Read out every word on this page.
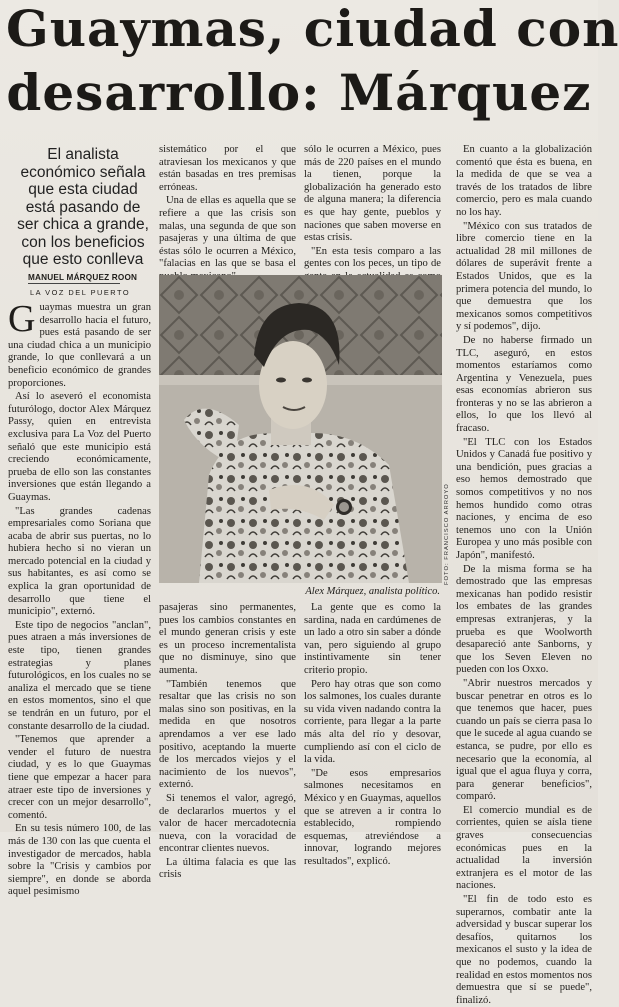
Guaymas, ciudad con
desarrollo: Márquez
El analista económico señala que esta ciudad está pasando de ser chica a grande, con los beneficios que esto conlleva
MANUEL MÁRQUEZ ROON
LA VOZ DEL PUERTO

Guaymas muestra un gran desarrollo hacia el futuro, pues está pasando de ser una ciudad chica a un municipio grande, lo que conllevará a un beneficio económico de grandes proporciones.

Así lo aseveró el economista futurólogo, doctor Alex Márquez Passy, quien en entrevista exclusiva para La Voz del Puerto señaló que este municipio está creciendo económicamente, prueba de ello son las constantes inversiones que están llegando a Guaymas.

"Las grandes cadenas empresariales como Soriana que acaba de abrir sus puertas, no lo hubiera hecho si no vieran un mercado potencial en la ciudad y sus habitantes, es así como se explica la gran oportunidad de desarrollo que tiene el municipio", externó.

Este tipo de negocios "anclan", pues atraen a más inversiones de este tipo, tienen grandes estrategias y planes futurológicos, en los cuales no se analiza el mercado que se tiene en estos momentos, sino el que se tendrán en un futuro, por el constante desarrollo de la ciudad.

"Tenemos que aprender a vender el futuro de nuestra ciudad, y es lo que Guaymas tiene que empezar a hacer para atraer este tipo de inversiones y crecer con un mejor desarrollo", comentó.

En su tesis número 100, de las más de 130 con las que cuenta el investigador de mercados, habla sobre la "Crisis y cambios por siempre", en donde se aborda aquel pesimismo

sistemático por el que atraviesan los mexicanos y que están basadas en tres premisas erróneas.

Una de ellas es aquella que se refiere a que las crisis son malas, una segunda de que son pasajeras y una última de que éstas sólo le ocurren a México, "falacias en las que se basa el

sólo le ocurren a México, pues más de 220 países en el mundo la tienen, porque la globalización ha generado esto de alguna manera; la diferencia es que hay gente, pueblos y naciones que saben moverse en estas crisis.

"En esta tesis comparo a las gentes con los peces, un tipo de

FOTO: FRANCISCO ARROYO
Alex Márquez, analista político.

pasajeras sino permanentes, pues los cambios constantes en el mundo generan crisis y este es un proceso incrementalista que no disminuye, sino que aumenta.

"También tenemos que resaltar que las crisis no son malas sino son positivas, en la medida en que nosotros aprendamos a ver ese lado positivo, aceptando la muerte de los mercados viejos y el nacimiento de los nuevos", externó.

Si tenemos el valor, agregó, de declararlos muertos y el valor de hacer mercadotecnia nueva, con la voracidad de encontrar clientes nuevos.

La última falacia es que las crisis

La gente que es como la sardina, nada en cardúmenes de un lado a otro sin saber a dónde van, pero siguiendo al grupo instintivamente sin tener criterio propio.

Pero hay otras que son como los salmones, los cuales durante su vida viven nadando contra la corriente, para llegar a la parte más alta del río y desovar, cumpliendo así con el ciclo de la vida.

"De esos empresarios salmones necesitamos en México y en Guaymas, aquellos que se atreven a ir contra lo establecido, rompiendo esquemas, atreviéndose a innovar, logrando mejores resultados", explicó.

En cuanto a la globalización comentó que ésta es buena, en la medida de que se vea a través de los tratados de libre comercio, pero es mala cuando no los hay.

"México con sus tratados de libre comercio tiene en la actualidad 28 mil millones de dólares de superávit frente a Estados Unidos, que es la primera potencia del mundo, lo que demuestra que los mexicanos somos competitivos y sí podemos", dijo.

De no haberse firmado un TLC, aseguró, en estos momentos estaríamos como Argentina y Venezuela, pues esas economías abrieron sus fronteras y no se las abrieron a ellos, lo que los llevó al fracaso.

"El TLC con los Estados Unidos y Canadá fue positivo y una bendición, pues gracias a eso hemos demostrado que somos competitivos y no nos hemos hundido como otras naciones, y encima de eso tenemos uno con la Unión Europea y uno más posible con Japón", manifestó.

De la misma forma se ha demostrado que las empresas mexicanas han podido resistir los embates de las grandes empresas extranjeras, y la prueba es que Woolworth desapareció ante Sanborns, y que los Seven Eleven no pueden con los Oxxo.

"Abrir nuestros mercados y buscar penetrar en otros es lo que tenemos que hacer, pues cuando un país se cierra pasa lo que le sucede al agua cuando se estanca, se pudre, por ello es necesario que la economía, al igual que el agua fluya y corra, para generar beneficios", comparó.

El comercio mundial es de corrientes, quien se aísla tiene graves consecuencias económicas pues en la actualidad la inversión extranjera es el motor de las naciones.

"El fin de todo esto es superarnos, combatir ante la adversidad y buscar superar los desafíos, quitarnos los mexicanos el susto y la idea de que no podemos, cuando la realidad en estos momentos nos demuestra que sí se puede", finalizó.
